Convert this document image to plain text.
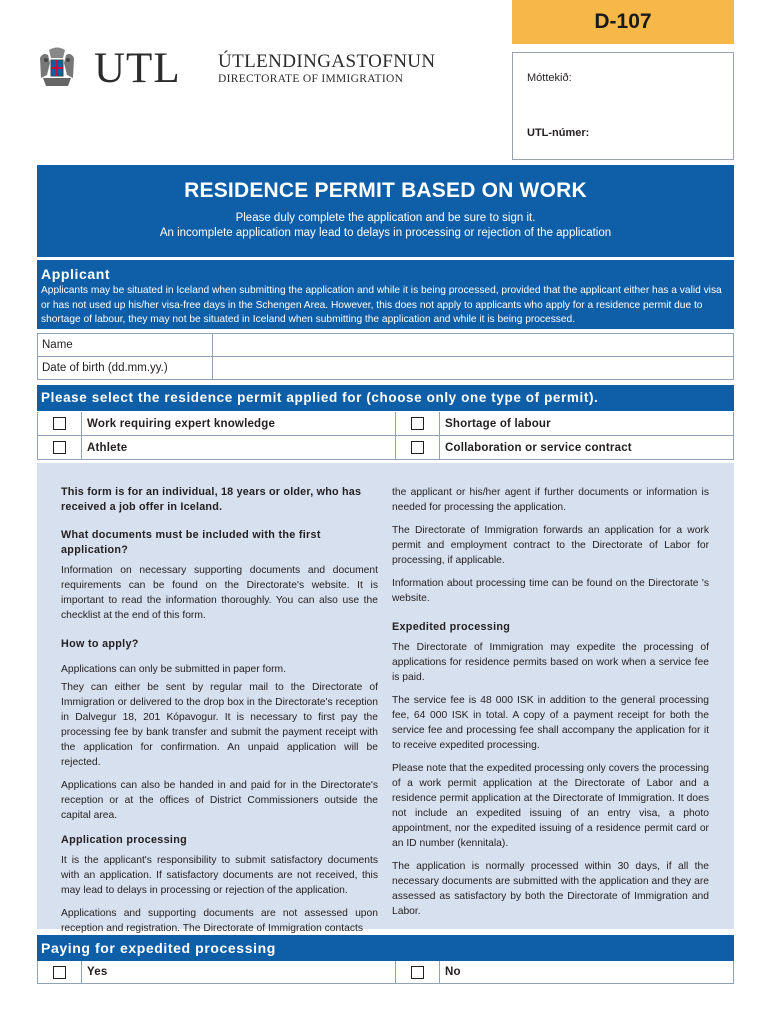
D-107
Móttekið:
UTL-númer:
UTL ÚTLENDINGASTOFNUN
DIRECTORATE OF IMMIGRATION
RESIDENCE PERMIT BASED ON WORK
Please duly complete the application and be sure to sign it.
An incomplete application may lead to delays in processing or rejection of the application
Applicant
Applicants may be situated in Iceland when submitting the application and while it is being processed, provided that the applicant either has a valid visa or has not used up his/her visa-free days in the Schengen Area. However, this does not apply to applicants who apply for a residence permit due to shortage of labour, they may not be situated in Iceland when submitting the application and while it is being processed.
Name
Date of birth (dd.mm.yy.)
Please select the residence permit applied for (choose only one type of permit).
Work requiring expert knowledge	Shortage of labour
Athlete	Collaboration or service contract

This form is for an individual, 18 years or older, who has received a job offer in Iceland.

What documents must be included with the first application?

Information on necessary supporting documents and document requirements can be found on the Directorate's website. It is important to read the information thoroughly. You can also use the checklist at the end of this form.

How to apply?

Applications can only be submitted in paper form.

They can either be sent by regular mail to the Directorate of Immigration or delivered to the drop box in the Directorate's reception in Dalvegur 18, 201 Kópavogur. It is necessary to first pay the processing fee by bank transfer and submit the payment receipt with the application for confirmation. An unpaid application will be rejected.

Applications can also be handed in and paid for in the Directorate's reception or at the offices of District Commissioners outside the capital area.

Application processing

It is the applicant's responsibility to submit satisfactory documents with an application. If satisfactory documents are not received, this may lead to delays in processing or rejection of the application.

Applications and supporting documents are not assessed upon reception and registration. The Directorate of Immigration contacts

the applicant or his/her agent if further documents or information is needed for processing the application.

The Directorate of Immigration forwards an application for a work permit and employment contract to the Directorate of Labor for processing, if applicable.

Information about processing time can be found on the Directorate 's website.

Expedited processing

The Directorate of Immigration may expedite the processing of applications for residence permits based on work when a service fee is paid.

The service fee is 48 000 ISK in addition to the general processing fee, 64 000 ISK in total. A copy of a payment receipt for both the service fee and processing fee shall accompany the application for it to receive expedited processing.

Please note that the expedited processing only covers the processing of a work permit application at the Directorate of Labor and a residence permit application at the Directorate of Immigration. It does not include an expedited issuing of an entry visa, a photo appointment, nor the expedited issuing of a residence permit card or an ID number (kennitala).

The application is normally processed within 30 days, if all the necessary documents are submitted with the application and they are assessed as satisfactory by both the Directorate of Immigration and Labor.

Paying for expedited processing
Yes	No
